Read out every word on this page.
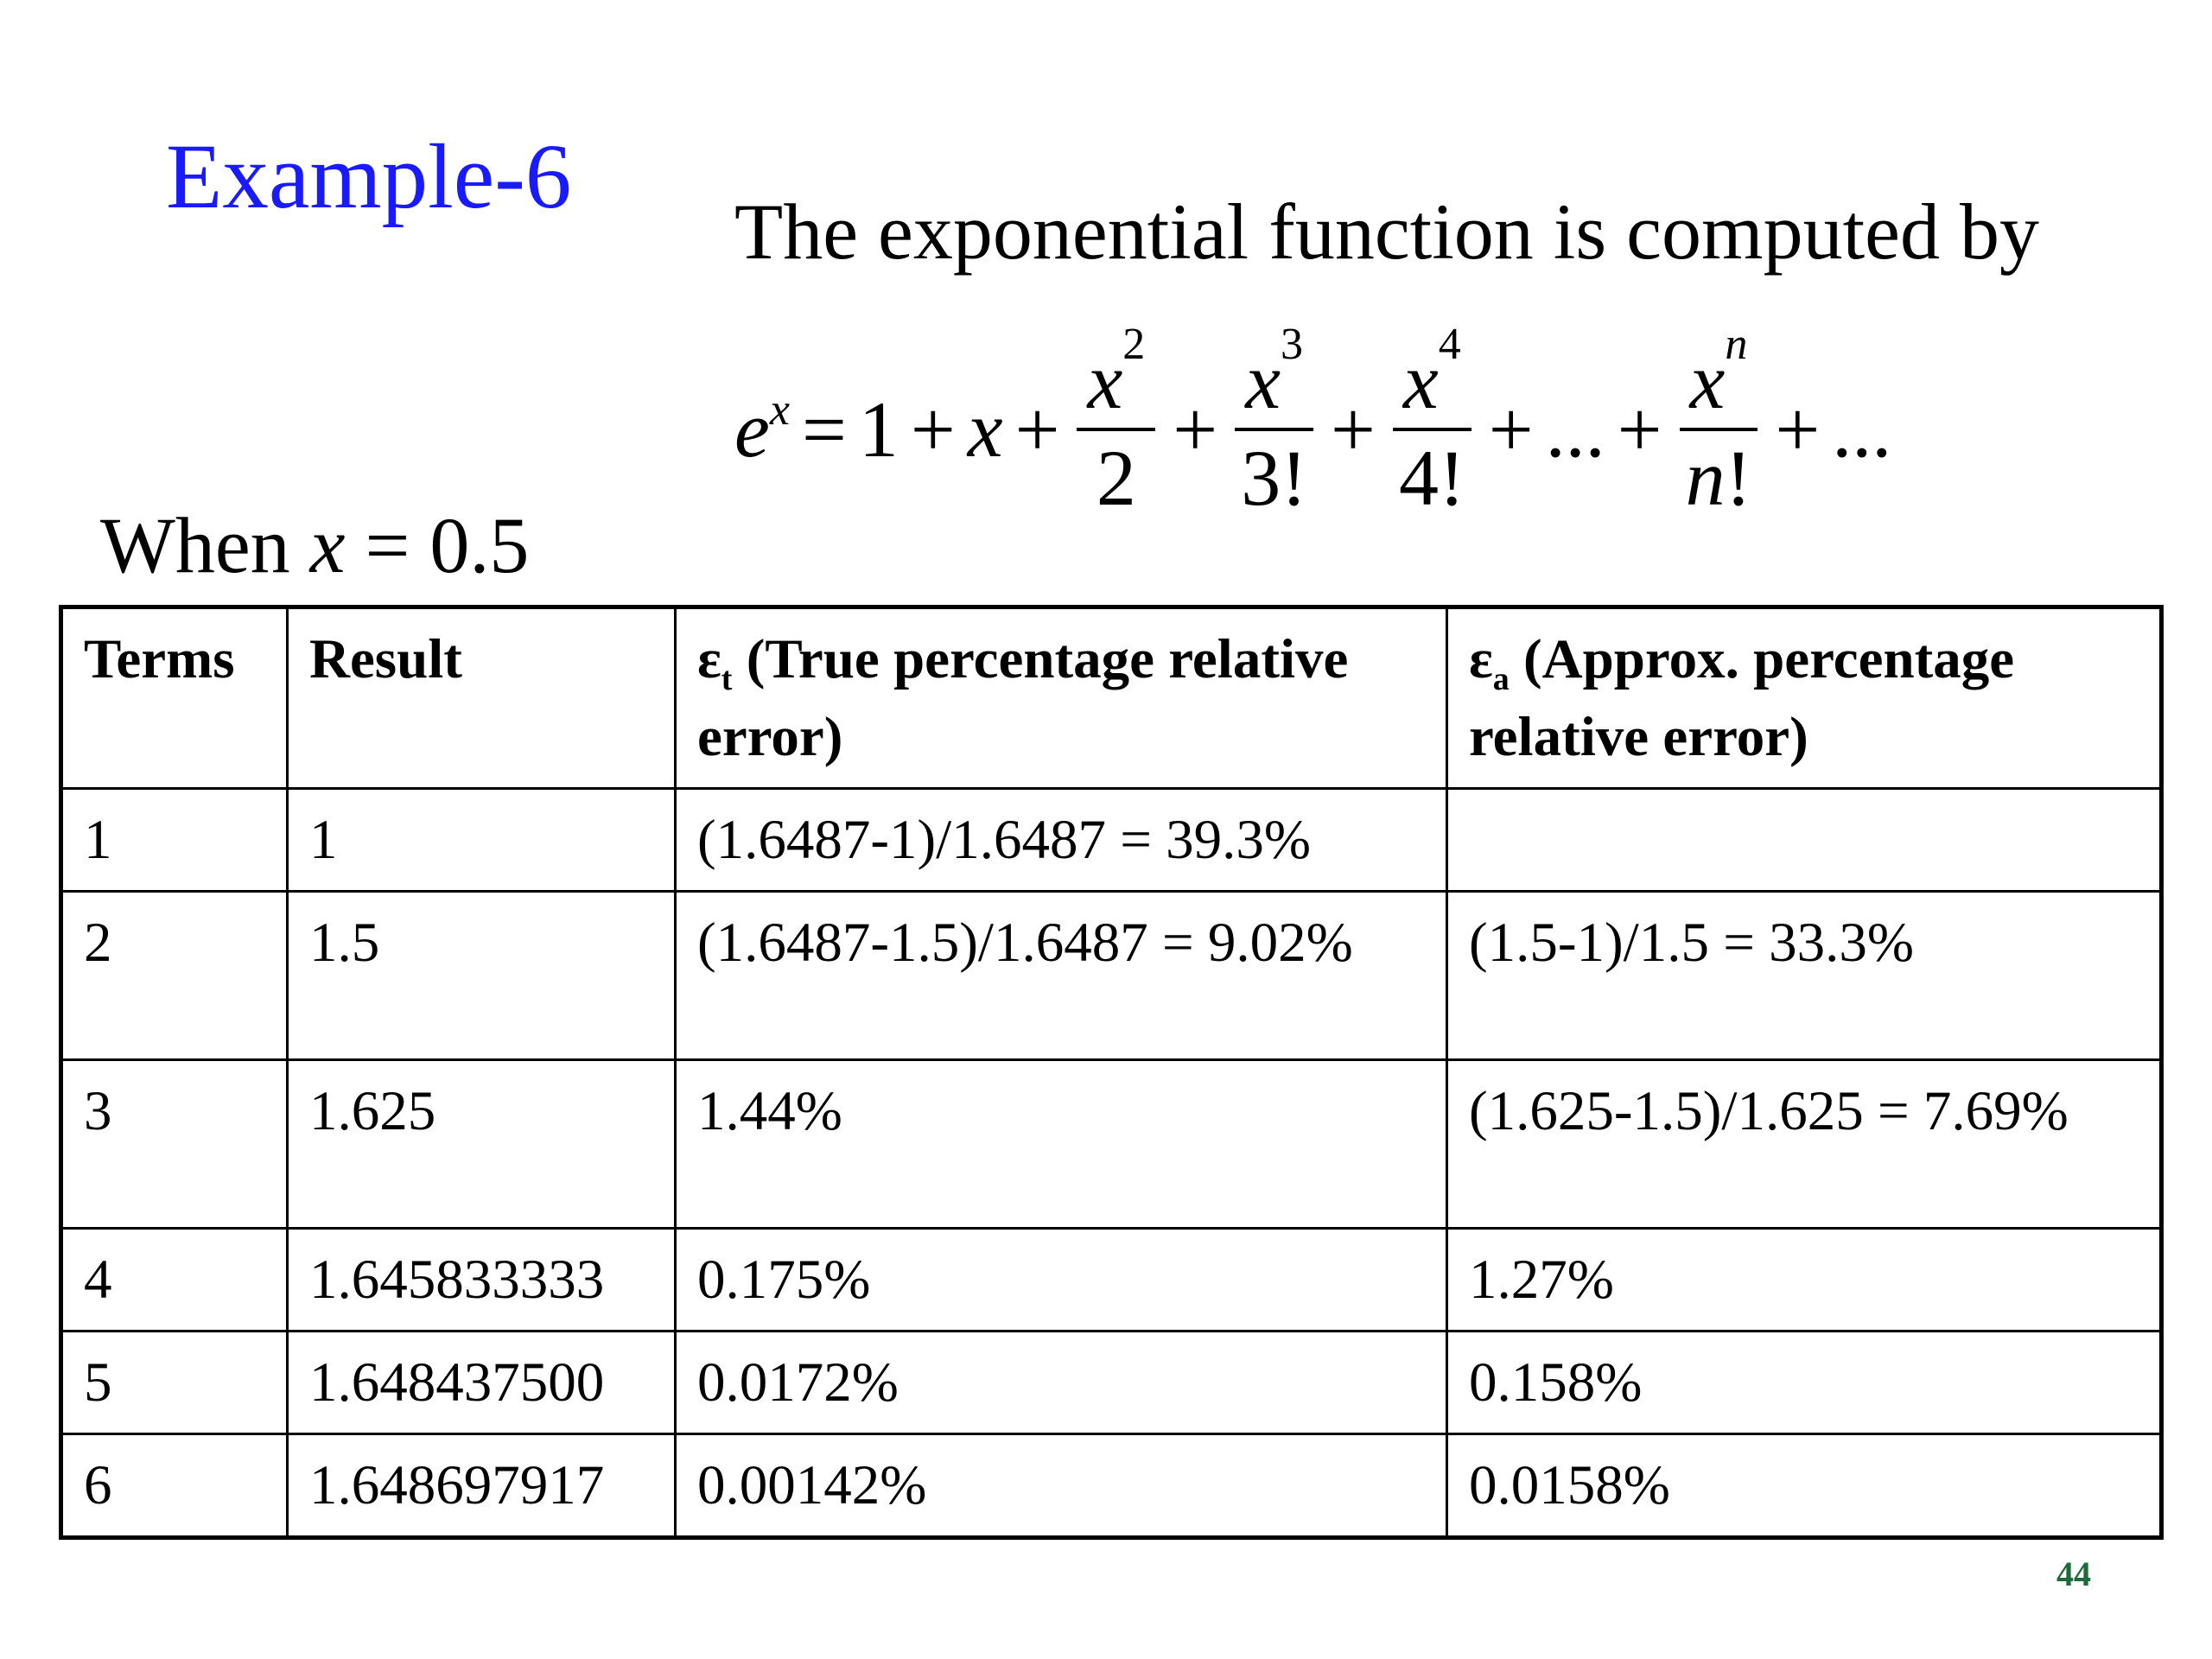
Example-6
The exponential function is computed by
$e^x = 1 + x + \frac{x^2}{2} + \frac{x^3}{3!} + \frac{x^4}{4!}$ + ... + $\frac{x^n}{n!}$ + ...
When x = 0.5
Terms	Result	$\varepsilon_t$ (True percentage relative error)	$\varepsilon_a$ (Approx. percentage relative error)
1	1	(1.6487-1)/1.6487 = 39.3%	
2	1.5	(1.6487-1.5)/1.6487 = 9.02%	(1.5-1)/1.5 = 33.3%
3	1.625	1.44%	(1.625-1.5)/1.625 = 7.69%
4	1.645833333	0.175%	1.27%
5	1.648437500	0.0172%	0.158%
6	1.648697917	0.00142%	0.0158%
44
